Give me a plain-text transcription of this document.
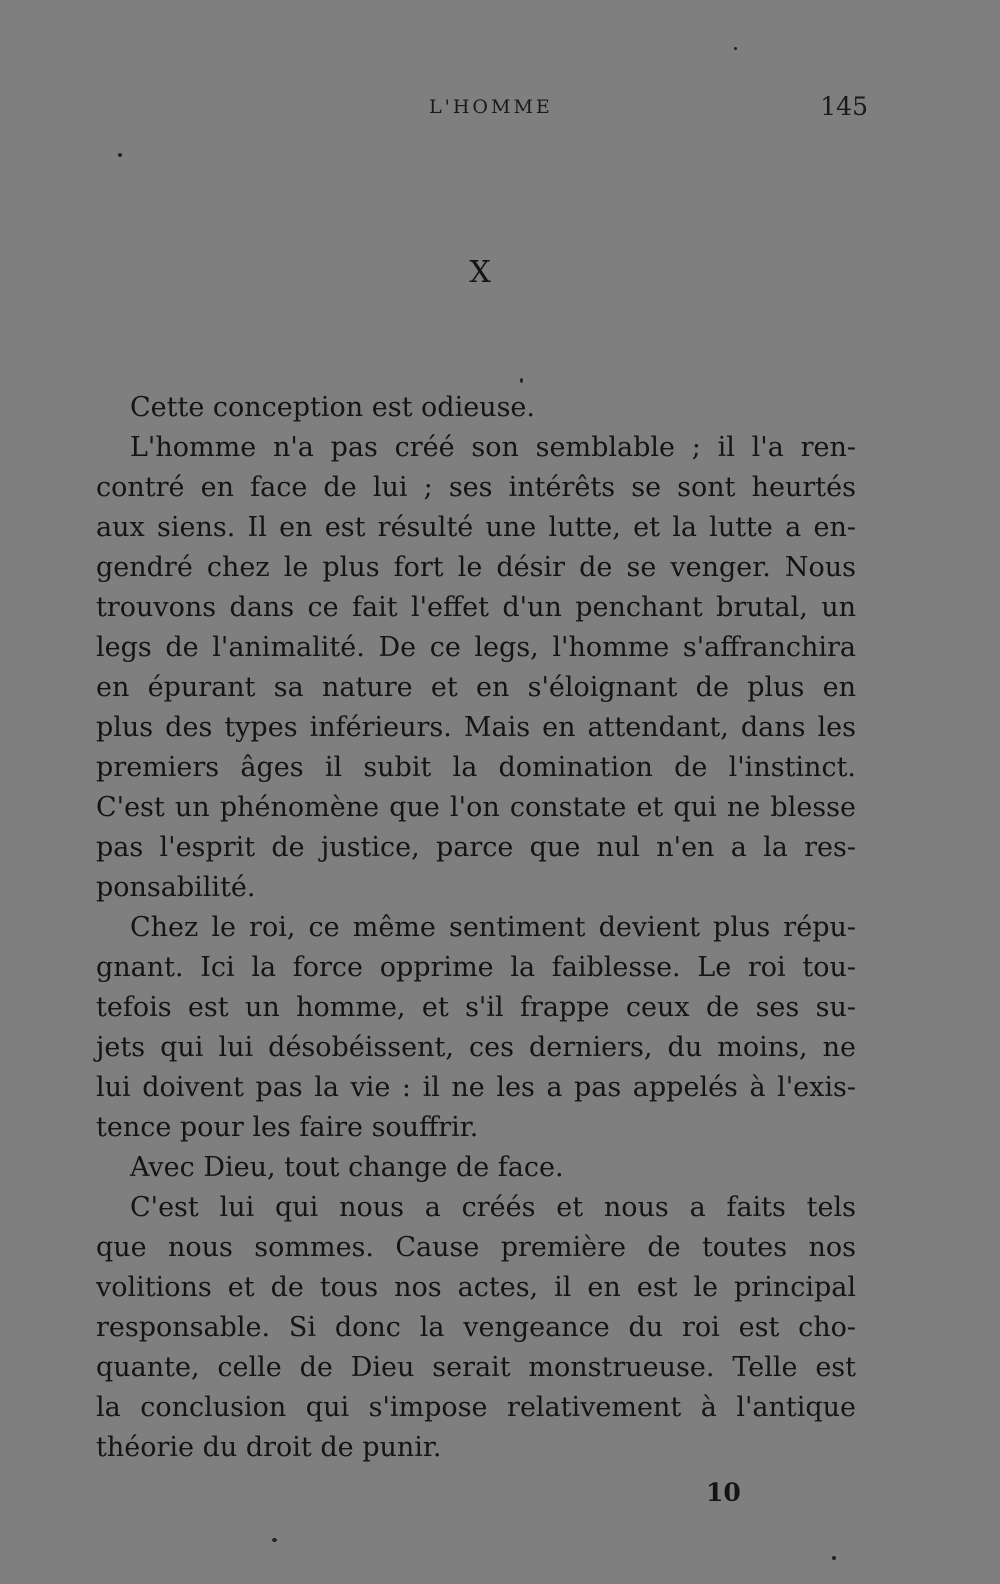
L'HOMME	145
X
Cette conception est odieuse.
L'homme n'a pas créé son semblable ; il l'a ren-
contré en face de lui ; ses intérêts se sont heurtés
aux siens. Il en est résulté une lutte, et la lutte a en-
gendré chez le plus fort le désir de se venger. Nous
trouvons dans ce fait l'effet d'un penchant brutal, un
legs de l'animalité. De ce legs, l'homme s'affranchira
en épurant sa nature et en s'éloignant de plus en
plus des types inférieurs. Mais en attendant, dans les
premiers âges il subit la domination de l'instinct.
C'est un phénomène que l'on constate et qui ne blesse
pas l'esprit de justice, parce que nul n'en a la res-
ponsabilité.
Chez le roi, ce même sentiment devient plus répu-
gnant. Ici la force opprime la faiblesse. Le roi tou-
tefois est un homme, et s'il frappe ceux de ses su-
jets qui lui désobéissent, ces derniers, du moins, ne
lui doivent pas la vie : il ne les a pas appelés à l'exis-
tence pour les faire souffrir.
Avec Dieu, tout change de face.
C'est lui qui nous a créés et nous a faits tels
que nous sommes. Cause première de toutes nos
volitions et de tous nos actes, il en est le principal
responsable. Si donc la vengeance du roi est cho-
quante, celle de Dieu serait monstrueuse. Telle est
la conclusion qui s'impose relativement à l'antique
théorie du droit de punir.
10
